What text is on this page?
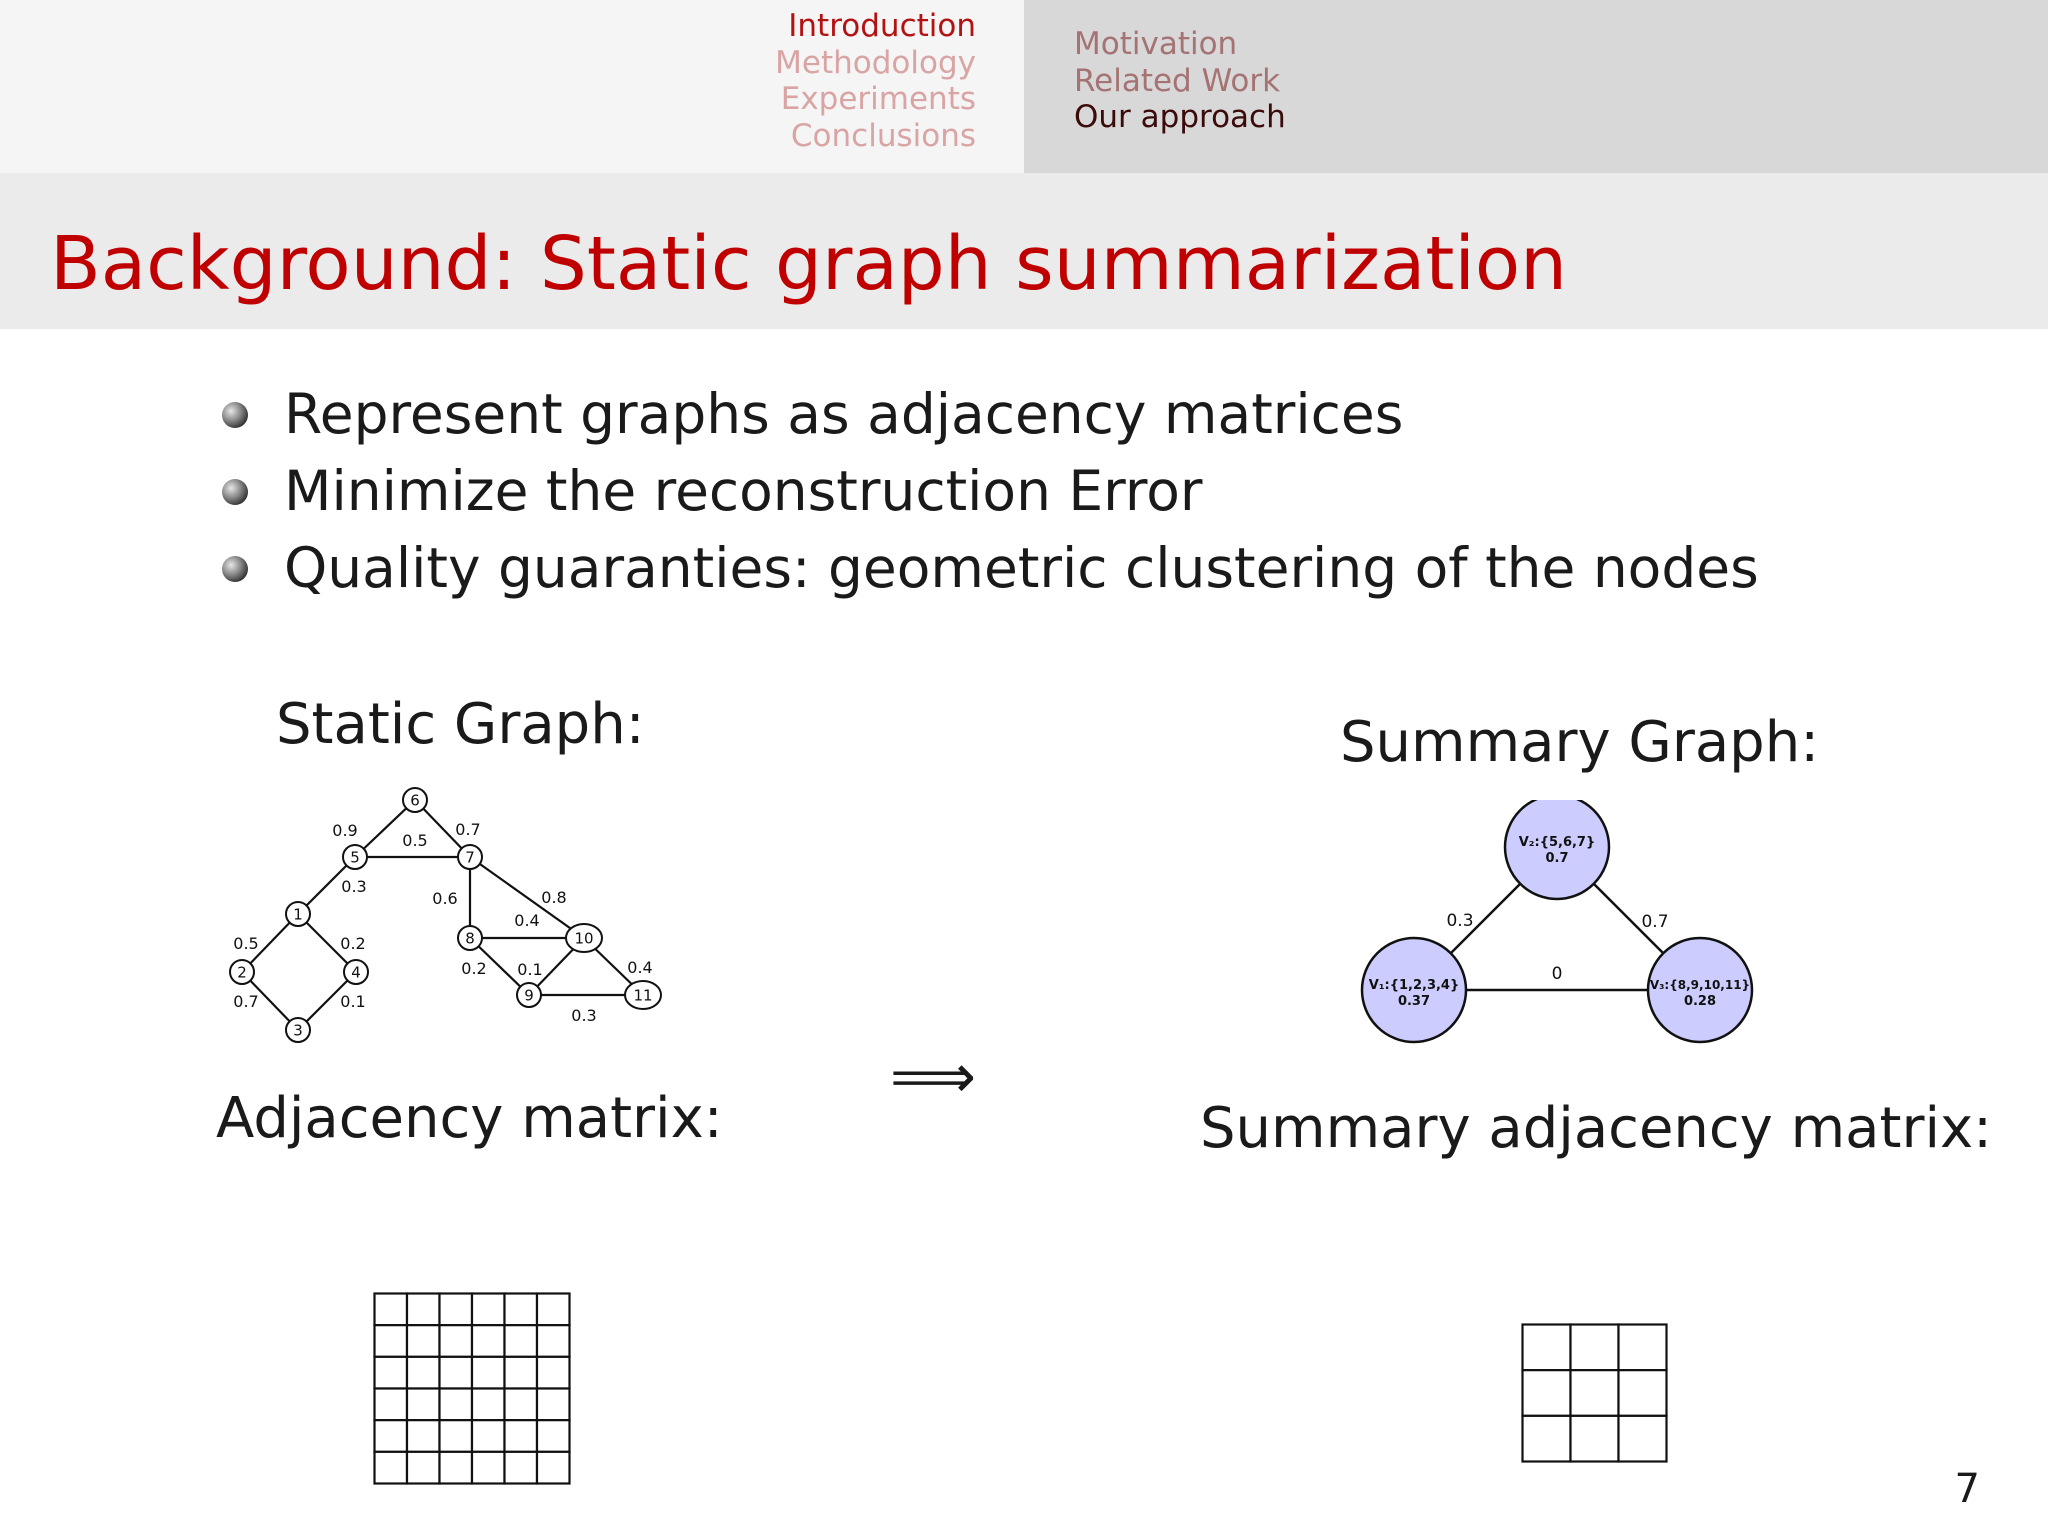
Introduction
Methodology
Experiments
Conclusions
Motivation
Related Work
Our approach
Background: Static graph summarization
Represent graphs as adjacency matrices
Minimize the reconstruction Error
Quality guaranties: geometric clustering of the nodes
Static Graph:	Summary Graph:
Adjacency matrix:	Summary adjacency matrix:
⟹
0.9
0.5
0.7
0.3
0.6	0.8
0.4
0.5	0.2
0.7	0.1
0.2 0.1	0.4
0.3
1
2
3
4
5
6
7
8
9
10
11
0.3	0.7
0
V₂:{5,6,7}
0.7
V₁:{1,2,3,4}
0.37
V₃:{8,9,10,11}
0.28
7
